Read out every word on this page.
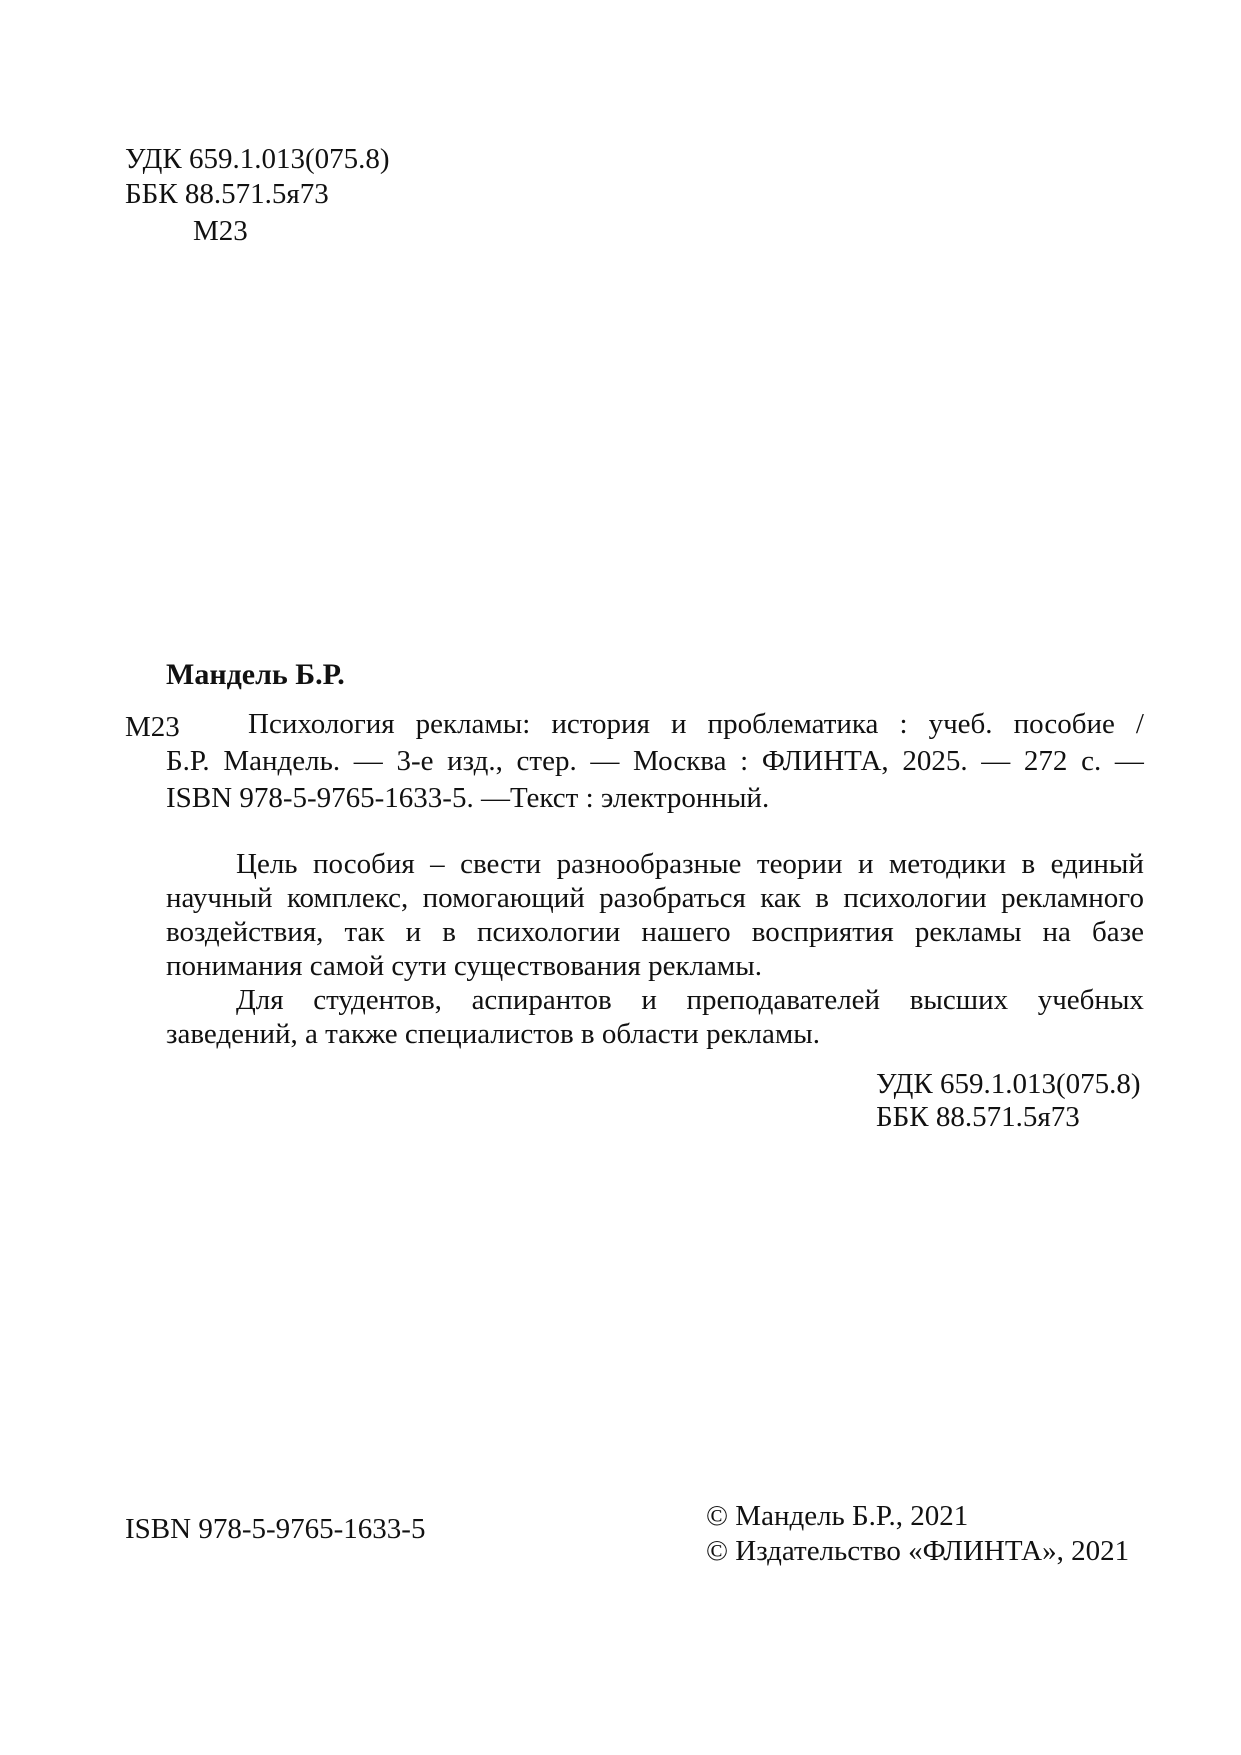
УДК 659.1.013(075.8)
ББК 88.571.5я73
М23
Мандель Б.Р.
М23 Психология рекламы: история и проблематика : учеб. пособие /
Б.Р. Мандель. — 3-е изд., стер. — Москва : ФЛИНТА, 2025. — 272 с. —
ISBN 978-5-9765-1633-5. —Текст : электронный.
Цель пособия – свести разнообразные теории и методики в единый
научный комплекс, помогающий разобраться как в психологии рекламного
воздействия, так и в психологии нашего восприятия рекламы на базе
понимания самой сути существования рекламы.
Для студентов, аспирантов и преподавателей высших учебных
заведений, а также специалистов в области рекламы.
УДК 659.1.013(075.8)
ББК 88.571.5я73
ISBN 978-5-9765-1633-5	© Мандель Б.Р., 2021
© Издательство «ФЛИНТА», 2021
